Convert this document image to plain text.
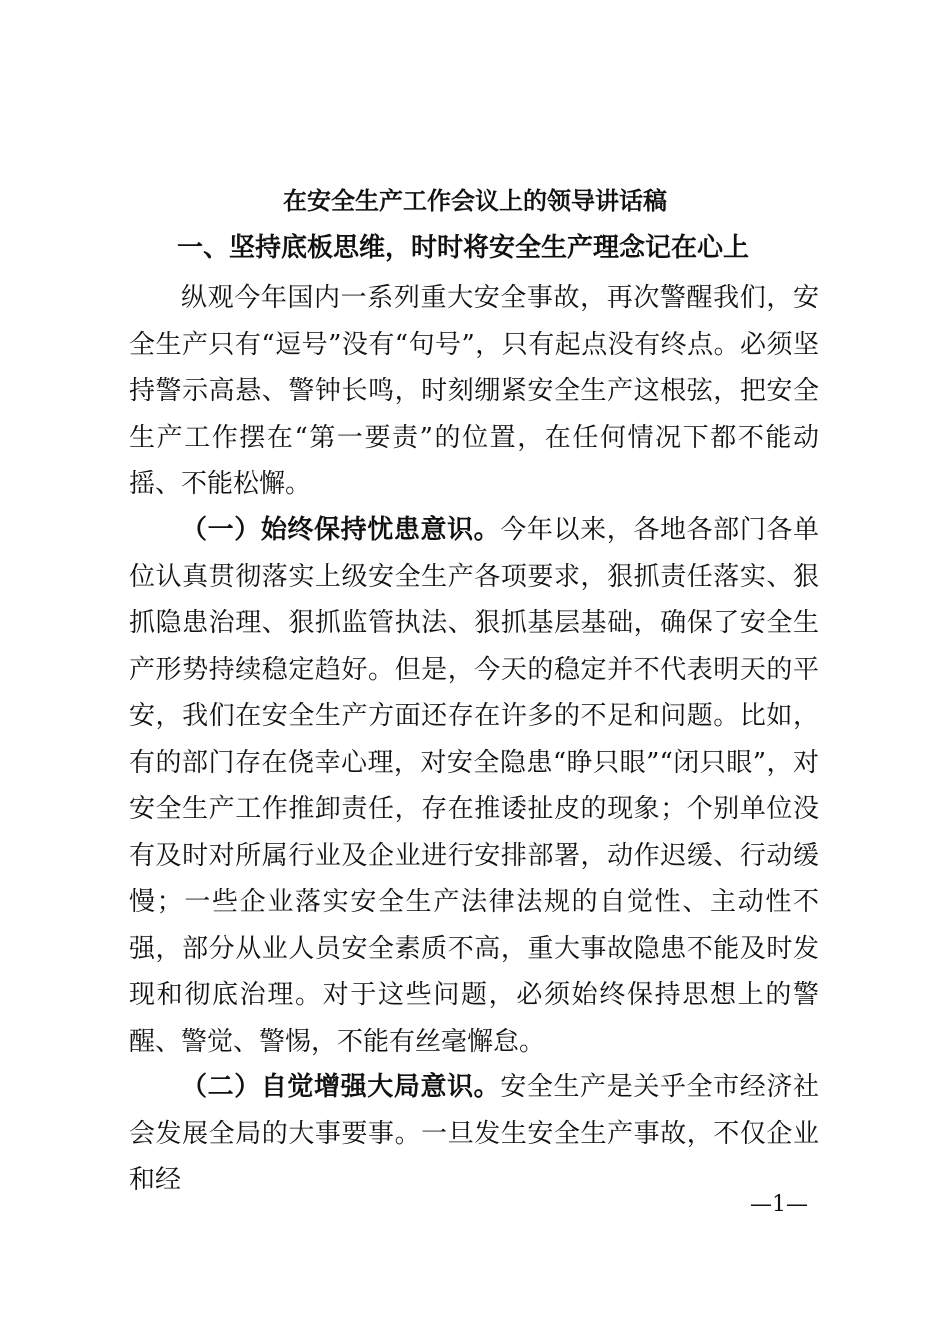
在安全生产工作会议上的领导讲话稿
一、坚持底板思维，时时将安全生产理念记在心上

纵观今年国内一系列重大安全事故，再次警醒我们，安全生产只有“逗号”没有“句号”，只有起点没有终点。必须坚持警示高悬、警钟长鸣，时刻绷紧安全生产这根弦，把安全生产工作摆在“第一要责”的位置，在任何情况下都不能动摇、不能松懈。

（一）始终保持忧患意识。今年以来，各地各部门各单位认真贯彻落实上级安全生产各项要求，狠抓责任落实、狠抓隐患治理、狠抓监管执法、狠抓基层基础，确保了安全生产形势持续稳定趋好。但是，今天的稳定并不代表明天的平安，我们在安全生产方面还存在许多的不足和问题。比如，有的部门存在侥幸心理，对安全隐患“睁只眼”“闭只眼”，对安全生产工作推卸责任，存在推诿扯皮的现象；个别单位没有及时对所属行业及企业进行安排部署，动作迟缓、行动缓慢；一些企业落实安全生产法律法规的自觉性、主动性不强，部分从业人员安全素质不高，重大事故隐患不能及时发现和彻底治理。对于这些问题，必须始终保持思想上的警醒、警觉、警惕，不能有丝毫懈怠。

（二）自觉增强大局意识。安全生产是关乎全市经济社会发展全局的大事要事。一旦发生安全生产事故，不仅企业和经

—1—
